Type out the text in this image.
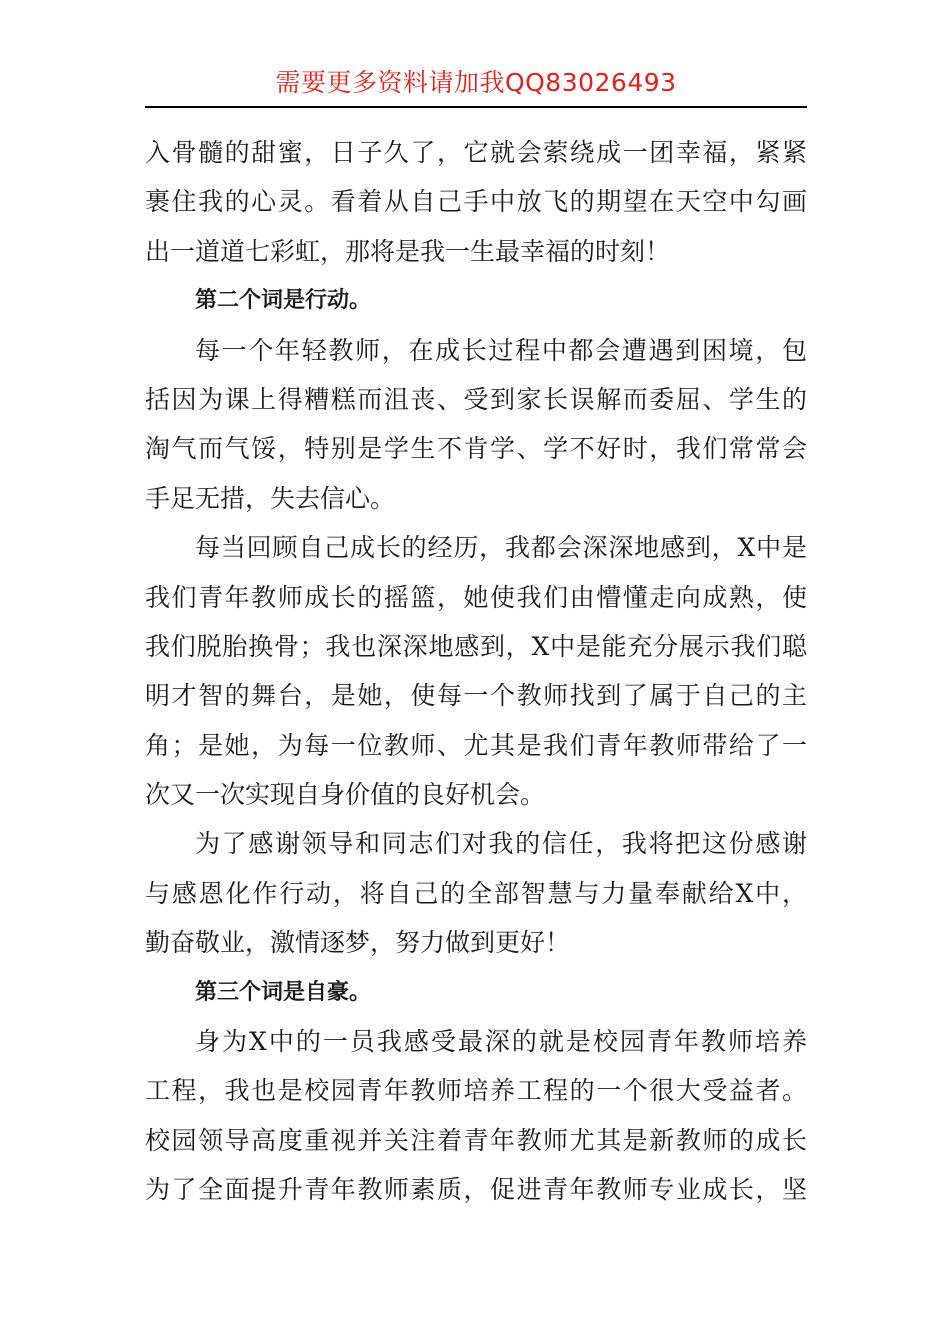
需要更多资料请加我QQ83026493
入骨髓的甜蜜，日子久了，它就会萦绕成一团幸福，紧紧
裹住我的心灵。看着从自己手中放飞的期望在天空中勾画
出一道道七彩虹，那将是我一生最幸福的时刻！
第二个词是行动。
每一个年轻教师，在成长过程中都会遭遇到困境，包
括因为课上得糟糕而沮丧、受到家长误解而委屈、学生的
淘气而气馁，特别是学生不肯学、学不好时，我们常常会
手足无措，失去信心。
每当回顾自己成长的经历，我都会深深地感到，X中是
我们青年教师成长的摇篮，她使我们由懵懂走向成熟，使
我们脱胎换骨；我也深深地感到，X中是能充分展示我们聪
明才智的舞台，是她，使每一个教师找到了属于自己的主
角；是她，为每一位教师、尤其是我们青年教师带给了一
次又一次实现自身价值的良好机会。
为了感谢领导和同志们对我的信任，我将把这份感谢
与感恩化作行动，将自己的全部智慧与力量奉献给X中，
勤奋敬业，激情逐梦，努力做到更好！
第三个词是自豪。
身为X中的一员我感受最深的就是校园青年教师培养
工程，我也是校园青年教师培养工程的一个很大受益者。
校园领导高度重视并关注着青年教师尤其是新教师的成长
为了全面提升青年教师素质，促进青年教师专业成长，坚
